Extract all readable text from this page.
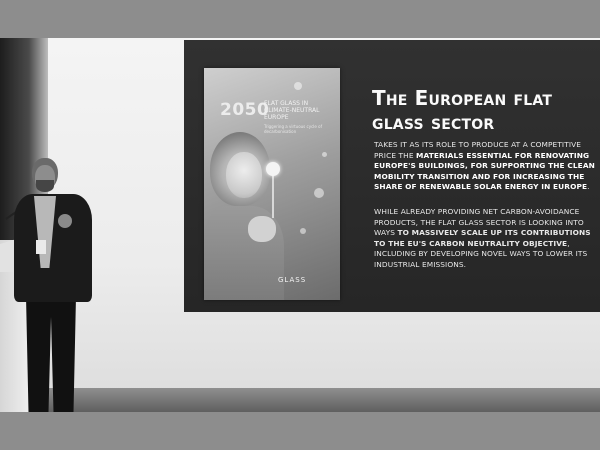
2050
FLAT GLASS IN CLIMATE-NEUTRAL EUROPE
Triggering a virtuous cycle of decarbonisation
GLASS
The European flat
glass sector
TAKES IT AS ITS ROLE TO PRODUCE AT A COMPETITIVE PRICE THE MATERIALS ESSENTIAL FOR RENOVATING EUROPE'S BUILDINGS, FOR SUPPORTING THE CLEAN MOBILITY TRANSITION AND FOR INCREASING THE SHARE OF RENEWABLE SOLAR ENERGY IN EUROPE.
WHILE ALREADY PROVIDING NET CARBON-AVOIDANCE PRODUCTS, THE FLAT GLASS SECTOR IS LOOKING INTO WAYS TO MASSIVELY SCALE UP ITS CONTRIBUTIONS TO THE EU'S CARBON NEUTRALITY OBJECTIVE, INCLUDING BY DEVELOPING NOVEL WAYS TO LOWER ITS INDUSTRIAL EMISSIONS.
